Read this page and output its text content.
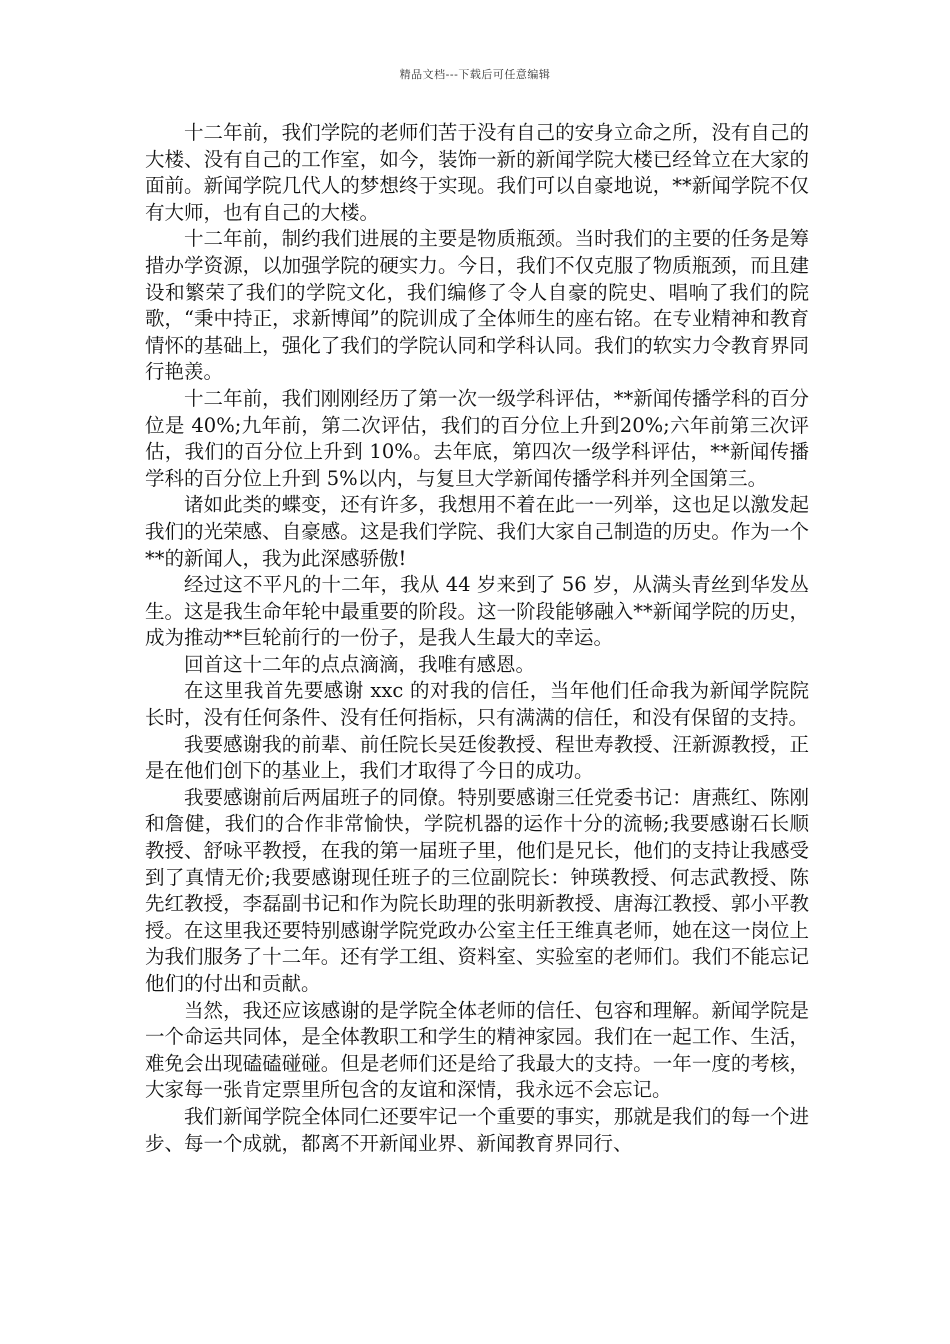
精品文档---下载后可任意编辑

十二年前，我们学院的老师们苦于没有自己的安身立命之所，没有自己的大楼、没有自己的工作室，如今，装饰一新的新闻学院大楼已经耸立在大家的面前。新闻学院几代人的梦想终于实现。我们可以自豪地说，**新闻学院不仅有大师，也有自己的大楼。

十二年前，制约我们进展的主要是物质瓶颈。当时我们的主要的任务是筹措办学资源，以加强学院的硬实力。今日，我们不仅克服了物质瓶颈，而且建设和繁荣了我们的学院文化，我们编修了令人自豪的院史、唱响了我们的院歌，“秉中持正，求新博闻”的院训成了全体师生的座右铭。在专业精神和教育情怀的基础上，强化了我们的学院认同和学科认同。我们的软实力令教育界同行艳羡。

十二年前，我们刚刚经历了第一次一级学科评估，**新闻传播学科的百分位是 40%;九年前，第二次评估，我们的百分位上升到20%;六年前第三次评估，我们的百分位上升到 10%。去年底，第四次一级学科评估，**新闻传播学科的百分位上升到 5%以内，与复旦大学新闻传播学科并列全国第三。

诸如此类的蝶变，还有许多，我想用不着在此一一列举，这也足以激发起我们的光荣感、自豪感。这是我们学院、我们大家自己制造的历史。作为一个**的新闻人，我为此深感骄傲!

经过这不平凡的十二年，我从 44 岁来到了 56 岁，从满头青丝到华发丛生。这是我生命年轮中最重要的阶段。这一阶段能够融入**新闻学院的历史，成为推动**巨轮前行的一份子，是我人生最大的幸运。

回首这十二年的点点滴滴，我唯有感恩。

在这里我首先要感谢 xxc 的对我的信任，当年他们任命我为新闻学院院长时，没有任何条件、没有任何指标，只有满满的信任，和没有保留的支持。

我要感谢我的前辈、前任院长吴廷俊教授、程世寿教授、汪新源教授，正是在他们创下的基业上，我们才取得了今日的成功。

我要感谢前后两届班子的同僚。特别要感谢三任党委书记：唐燕红、陈刚和詹健，我们的合作非常愉快，学院机器的运作十分的流畅;我要感谢石长顺教授、舒咏平教授，在我的第一届班子里，他们是兄长，他们的支持让我感受到了真情无价;我要感谢现任班子的三位副院长：钟瑛教授、何志武教授、陈先红教授，李磊副书记和作为院长助理的张明新教授、唐海江教授、郭小平教授。在这里我还要特别感谢学院党政办公室主任王维真老师，她在这一岗位上为我们服务了十二年。还有学工组、资料室、实验室的老师们。我们不能忘记他们的付出和贡献。

当然，我还应该感谢的是学院全体老师的信任、包容和理解。新闻学院是一个命运共同体，是全体教职工和学生的精神家园。我们在一起工作、生活，难免会出现磕磕碰碰。但是老师们还是给了我最大的支持。一年一度的考核，大家每一张肯定票里所包含的友谊和深情，我永远不会忘记。

我们新闻学院全体同仁还要牢记一个重要的事实，那就是我们的每一个进步、每一个成就，都离不开新闻业界、新闻教育界同行、
